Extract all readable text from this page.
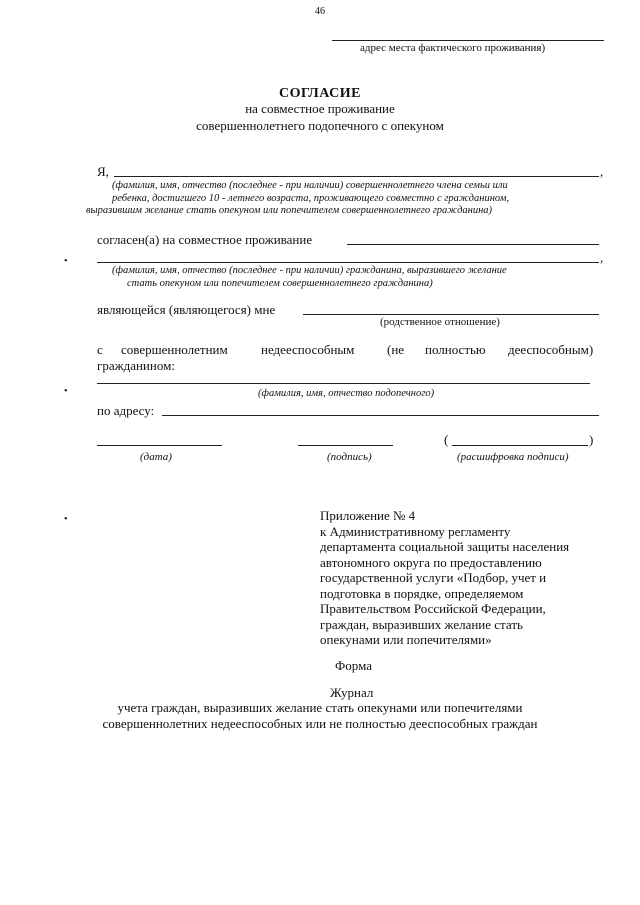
46
адрес места фактического проживания)
СОГЛАСИЕ
на совместное проживание
совершеннолетнего подопечного с опекуном
Я,	,
(фамилия, имя, отчество (последнее - при наличии) совершеннолетнего члена семьи или
ребенка, достигшего 10 - летнего возраста, проживающего совместно с гражданином,
выразившим желание стать опекуном или попечителем совершеннолетнего гражданина)
согласен(а) на совместное проживание
•	,
(фамилия, имя, отчество (последнее - при наличии) гражданина, выразившего желание
стать опекуном или попечителем совершеннолетнего гражданина)
являющейся (являющегося) мне
(родственное отношение)
с совершеннолетним	недееспособным	(не полностью дееспособным)
гражданином:
•	(фамилия, имя, отчество подопечного)
по адресу:
(	)
(дата)	(подпись)	(расшифровка подписи)
•	Приложение № 4
к Административному регламенту
департамента социальной защиты населения
автономного округа по предоставлению
государственной услуги «Подбор, учет и
подготовка в порядке, определяемом
Правительством Российской Федерации,
граждан, выразивших желание стать
опекунами или попечителями»
Форма
Журнал
учета граждан, выразивших желание стать опекунами или попечителями
совершеннолетних недееспособных или не полностью дееспособных граждан
